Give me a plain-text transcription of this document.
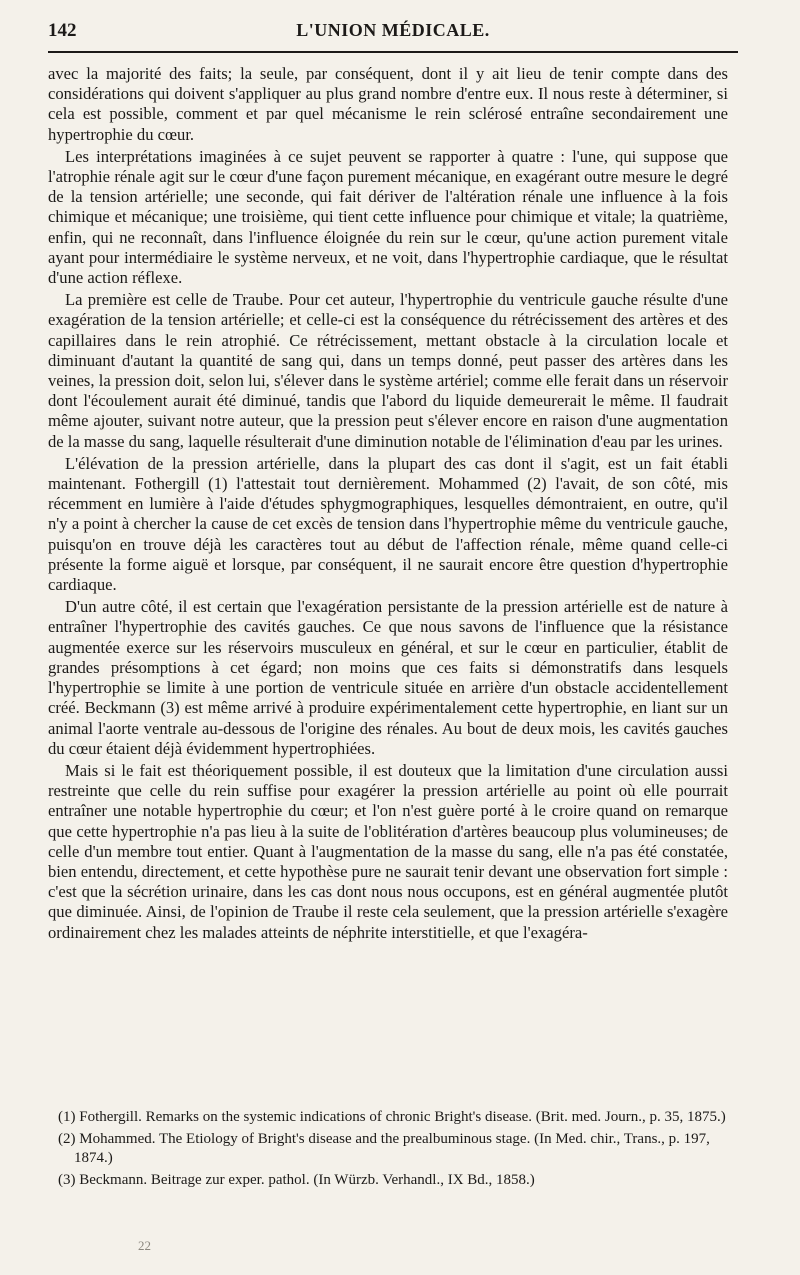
142	L'UNION MÉDICALE.

avec la majorité des faits; la seule, par conséquent, dont il y ait lieu de tenir compte dans des considérations qui doivent s'appliquer au plus grand nombre d'entre eux. Il nous reste à déterminer, si cela est possible, comment et par quel mécanisme le rein sclérosé entraîne secondairement une hypertrophie du cœur.

Les interprétations imaginées à ce sujet peuvent se rapporter à quatre : l'une, qui suppose que l'atrophie rénale agit sur le cœur d'une façon purement mécanique, en exagérant outre mesure le degré de la tension artérielle; une seconde, qui fait dériver de l'altération rénale une influence à la fois chimique et mécanique; une troisième, qui tient cette influence pour chimique et vitale; la quatrième, enfin, qui ne reconnaît, dans l'influence éloignée du rein sur le cœur, qu'une action purement vitale ayant pour intermédiaire le système nerveux, et ne voit, dans l'hypertrophie cardiaque, que le résultat d'une action réflexe.

La première est celle de Traube. Pour cet auteur, l'hypertrophie du ventricule gauche résulte d'une exagération de la tension artérielle; et celle-ci est la conséquence du rétrécissement des artères et des capillaires dans le rein atrophié. Ce rétrécissement, mettant obstacle à la circulation locale et diminuant d'autant la quantité de sang qui, dans un temps donné, peut passer des artères dans les veines, la pression doit, selon lui, s'élever dans le système artériel; comme elle ferait dans un réservoir dont l'écoulement aurait été diminué, tandis que l'abord du liquide demeurerait le même. Il faudrait même ajouter, suivant notre auteur, que la pression peut s'élever encore en raison d'une augmentation de la masse du sang, laquelle résulterait d'une diminution notable de l'élimination d'eau par les urines.

L'élévation de la pression artérielle, dans la plupart des cas dont il s'agit, est un fait établi maintenant. Fothergill (1) l'attestait tout dernièrement. Mohammed (2) l'avait, de son côté, mis récemment en lumière à l'aide d'études sphygmographiques, lesquelles démontraient, en outre, qu'il n'y a point à chercher la cause de cet excès de tension dans l'hypertrophie même du ventricule gauche, puisqu'on en trouve déjà les caractères tout au début de l'affection rénale, même quand celle-ci présente la forme aiguë et lorsque, par conséquent, il ne saurait encore être question d'hypertrophie cardiaque.

D'un autre côté, il est certain que l'exagération persistante de la pression artérielle est de nature à entraîner l'hypertrophie des cavités gauches. Ce que nous savons de l'influence que la résistance augmentée exerce sur les réservoirs musculeux en général, et sur le cœur en particulier, établit de grandes présomptions à cet égard; non moins que ces faits si démonstratifs dans lesquels l'hypertrophie se limite à une portion de ventricule située en arrière d'un obstacle accidentellement créé. Beckmann (3) est même arrivé à produire expérimentalement cette hypertrophie, en liant sur un animal l'aorte ventrale au-dessous de l'origine des rénales. Au bout de deux mois, les cavités gauches du cœur étaient déjà évidemment hypertrophiées.

Mais si le fait est théoriquement possible, il est douteux que la limitation d'une circulation aussi restreinte que celle du rein suffise pour exagérer la pression artérielle au point où elle pourrait entraîner une notable hypertrophie du cœur; et l'on n'est guère porté à le croire quand on remarque que cette hypertrophie n'a pas lieu à la suite de l'oblitération d'artères beaucoup plus volumineuses; de celle d'un membre tout entier. Quant à l'augmentation de la masse du sang, elle n'a pas été constatée, bien entendu, directement, et cette hypothèse pure ne saurait tenir devant une observation fort simple : c'est que la sécrétion urinaire, dans les cas dont nous nous occupons, est en général augmentée plutôt que diminuée. Ainsi, de l'opinion de Traube il reste cela seulement, que la pression artérielle s'exagère ordinairement chez les malades atteints de néphrite interstitielle, et que l'exagéra-

(1) Fothergill. Remarks on the systemic indications of chronic Bright's disease. (Brit. med. Journ., p. 35, 1875.)

(2) Mohammed. The Etiology of Bright's disease and the prealbuminous stage. (In Med. chir., Trans., p. 197, 1874.)

(3) Beckmann. Beitrage zur exper. pathol. (In Würzb. Verhandl., IX Bd., 1858.)

22
